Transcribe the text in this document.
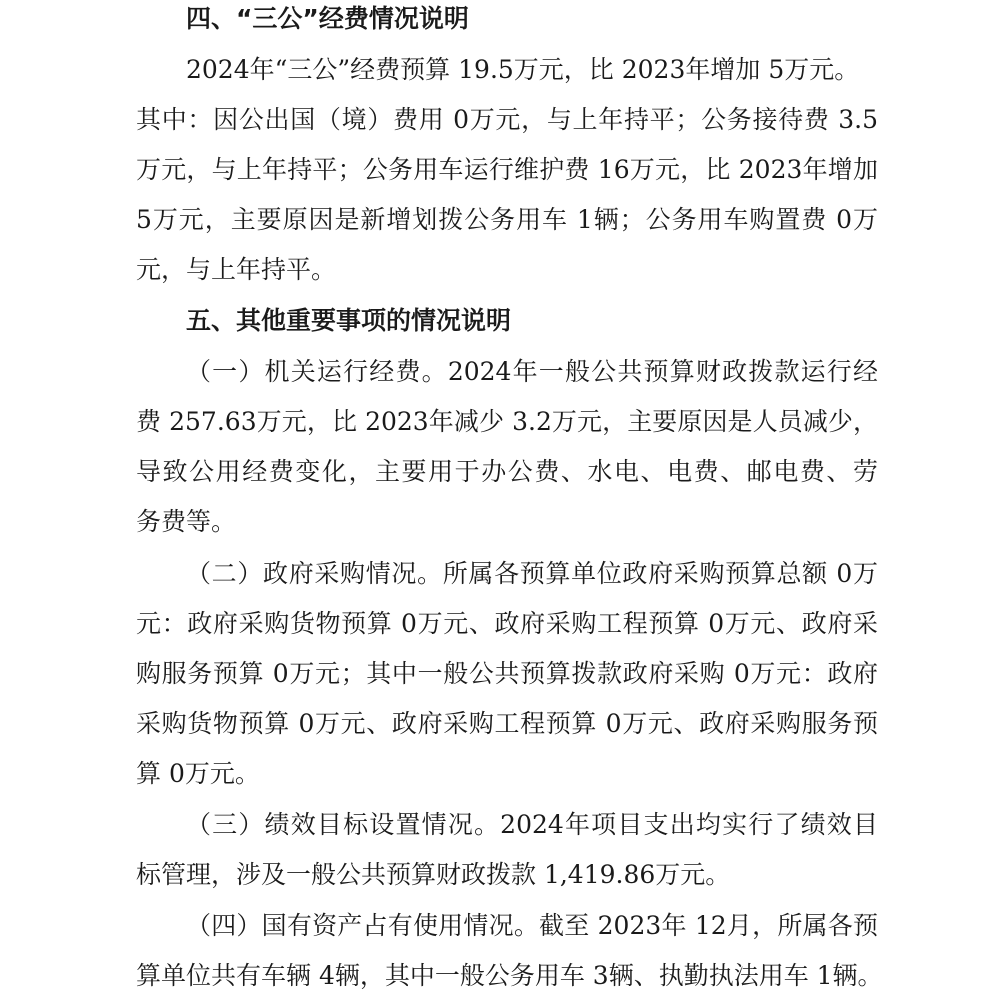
四、“三公”经费情况说明
2024年“三公”经费预算 19.5万元，比 2023年增加 5万元。
其中：因公出国（境）费用 0万元，与上年持平；公务接待费 3.5
万元，与上年持平；公务用车运行维护费 16万元，比 2023年增加
5万元，主要原因是新增划拨公务用车 1辆；公务用车购置费 0万
元，与上年持平。
五、其他重要事项的情况说明
（一）机关运行经费。2024年一般公共预算财政拨款运行经
费 257.63万元，比 2023年减少 3.2万元，主要原因是人员减少，
导致公用经费变化，主要用于办公费、水电、电费、邮电费、劳
务费等。
（二）政府采购情况。所属各预算单位政府采购预算总额 0万
元：政府采购货物预算 0万元、政府采购工程预算 0万元、政府采
购服务预算 0万元；其中一般公共预算拨款政府采购 0万元：政府
采购货物预算 0万元、政府采购工程预算 0万元、政府采购服务预
算 0万元。
（三）绩效目标设置情况。2024年项目支出均实行了绩效目
标管理，涉及一般公共预算财政拨款 1,419.86万元。
（四）国有资产占有使用情况。截至 2023年 12月，所属各预
算单位共有车辆 4辆，其中一般公务用车 3辆、执勤执法用车 1辆。
